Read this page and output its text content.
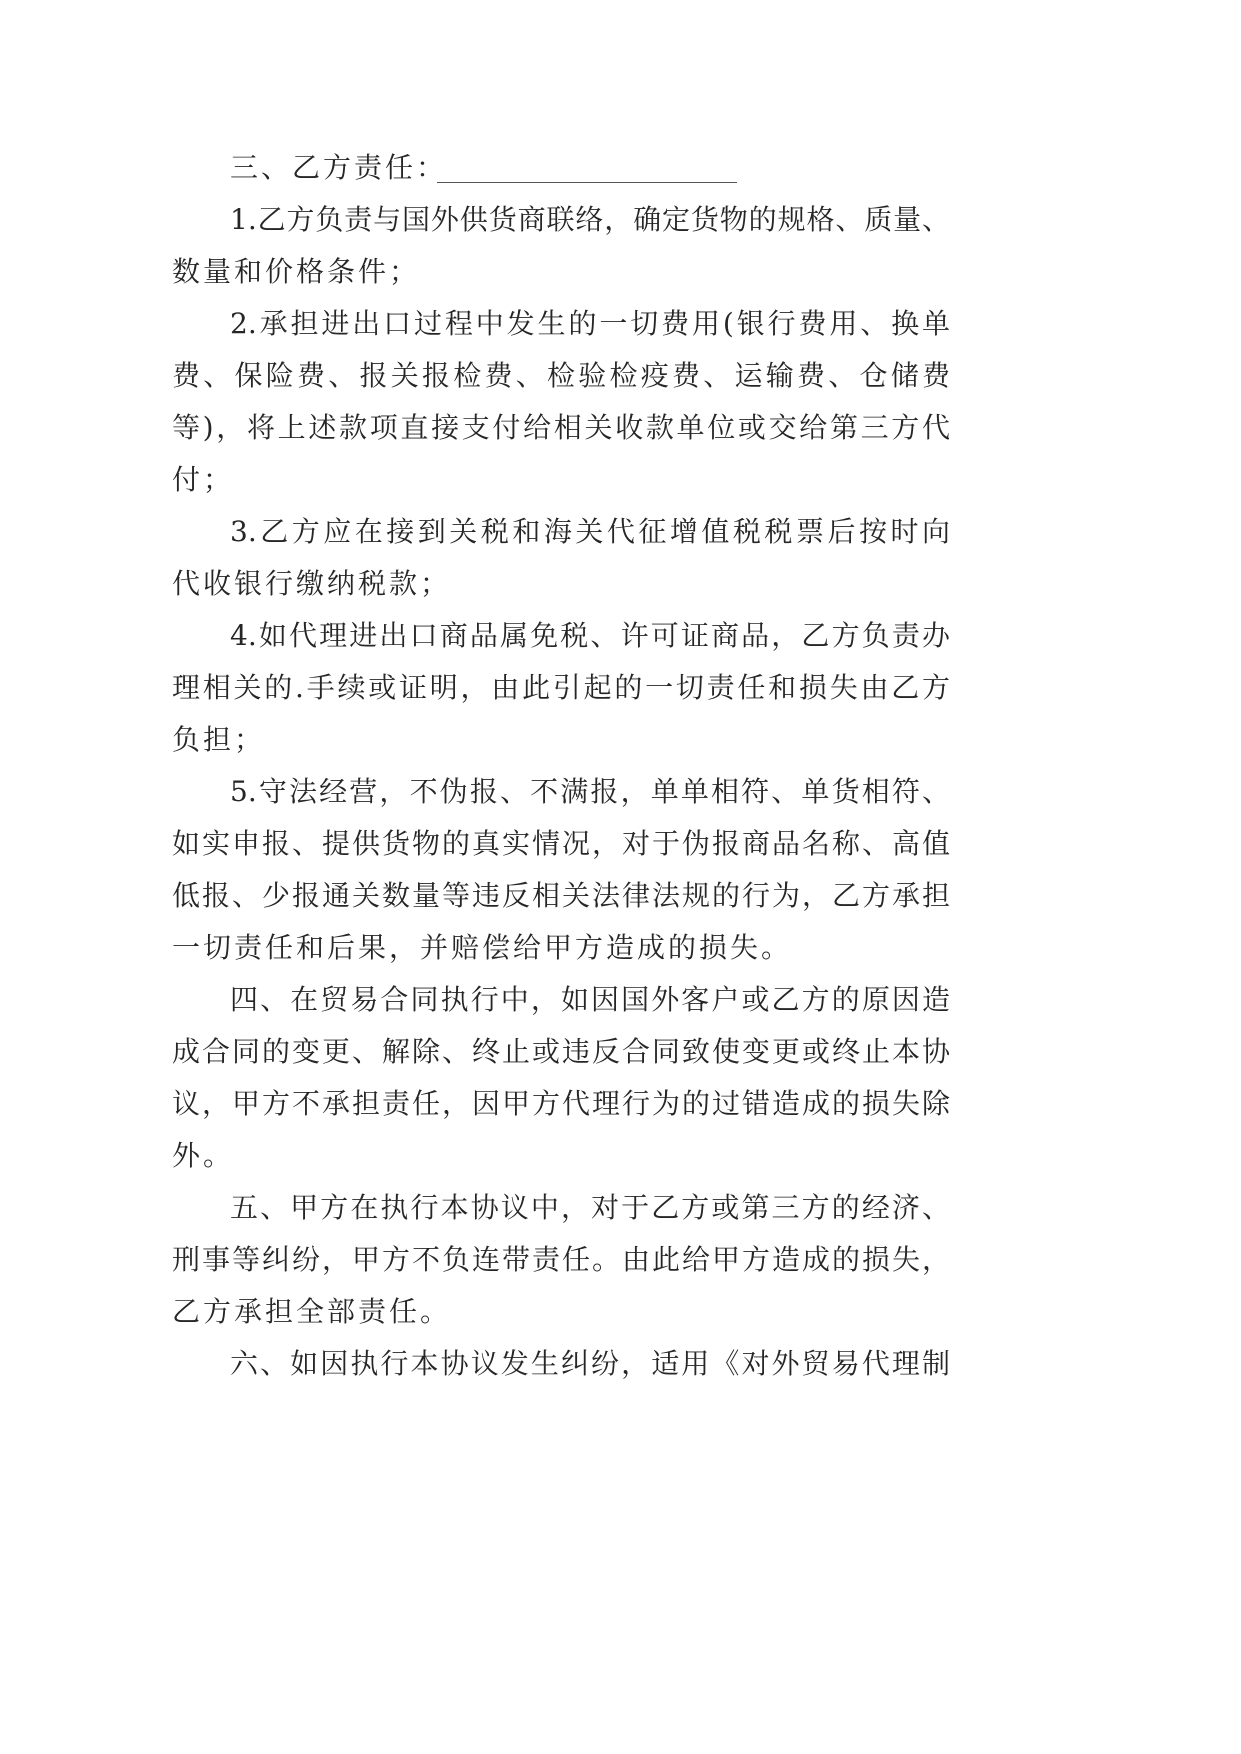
三、乙方责任：
1.乙方负责与国外供货商联络，确定货物的规格、质量、
数量和价格条件；
2.承担进出口过程中发生的一切费用(银行费用、换单
费、保险费、报关报检费、检验检疫费、运输费、仓储费
等)，将上述款项直接支付给相关收款单位或交给第三方代
付；
3.乙方应在接到关税和海关代征增值税税票后按时向
代收银行缴纳税款；
4.如代理进出口商品属免税、许可证商品，乙方负责办
理相关的.手续或证明，由此引起的一切责任和损失由乙方
负担；
5.守法经营，不伪报、不满报，单单相符、单货相符、
如实申报、提供货物的真实情况，对于伪报商品名称、高值
低报、少报通关数量等违反相关法律法规的行为，乙方承担
一切责任和后果，并赔偿给甲方造成的损失。
四、在贸易合同执行中，如因国外客户或乙方的原因造
成合同的变更、解除、终止或违反合同致使变更或终止本协
议，甲方不承担责任，因甲方代理行为的过错造成的损失除
外。
五、甲方在执行本协议中，对于乙方或第三方的经济、
刑事等纠纷，甲方不负连带责任。由此给甲方造成的损失，
乙方承担全部责任。
六、如因执行本协议发生纠纷，适用《对外贸易代理制
